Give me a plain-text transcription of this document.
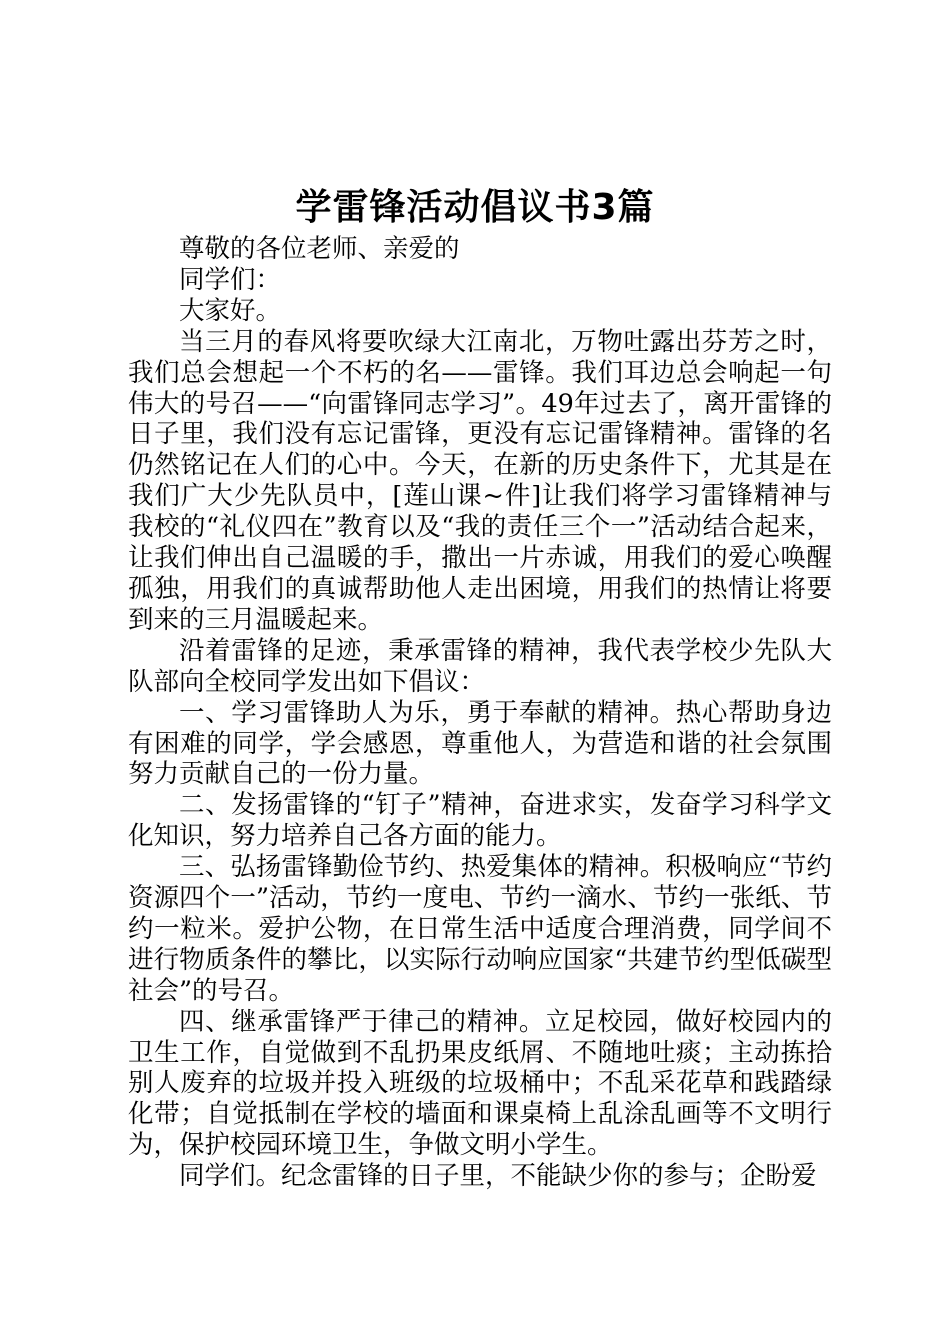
学雷锋活动倡议书3篇

尊敬的各位老师、亲爱的

同学们：

大家好。

当三月的春风将要吹绿大江南北，万物吐露出芬芳之时，我们总会想起一个不朽的名——雷锋。我们耳边总会响起一句伟大的号召——“向雷锋同志学习”。49年过去了，离开雷锋的日子里，我们没有忘记雷锋，更没有忘记雷锋精神。雷锋的名仍然铭记在人们的心中。今天，在新的历史条件下，尤其是在我们广大少先队员中，[莲山课~件]让我们将学习雷锋精神与我校的“礼仪四在”教育以及“我的责任三个一”活动结合起来，让我们伸出自己温暖的手，撒出一片赤诚，用我们的爱心唤醒孤独，用我们的真诚帮助他人走出困境，用我们的热情让将要到来的三月温暖起来。

沿着雷锋的足迹，秉承雷锋的精神，我代表学校少先队大队部向全校同学发出如下倡议：

一、学习雷锋助人为乐，勇于奉献的精神。热心帮助身边有困难的同学，学会感恩，尊重他人，为营造和谐的社会氛围努力贡献自己的一份力量。

二、发扬雷锋的“钉子”精神，奋进求实，发奋学习科学文化知识，努力培养自己各方面的能力。

三、弘扬雷锋勤俭节约、热爱集体的精神。积极响应“节约资源四个一”活动，节约一度电、节约一滴水、节约一张纸、节约一粒米。爱护公物，在日常生活中适度合理消费，同学间不进行物质条件的攀比，以实际行动响应国家“共建节约型低碳型社会”的号召。

四、继承雷锋严于律己的精神。立足校园，做好校园内的卫生工作，自觉做到不乱扔果皮纸屑、不随地吐痰；主动拣拾别人废弃的垃圾并投入班级的垃圾桶中；不乱采花草和践踏绿化带；自觉抵制在学校的墙面和课桌椅上乱涂乱画等不文明行为，保护校园环境卫生，争做文明小学生。

同学们。纪念雷锋的日子里，不能缺少你的参与；企盼爱
